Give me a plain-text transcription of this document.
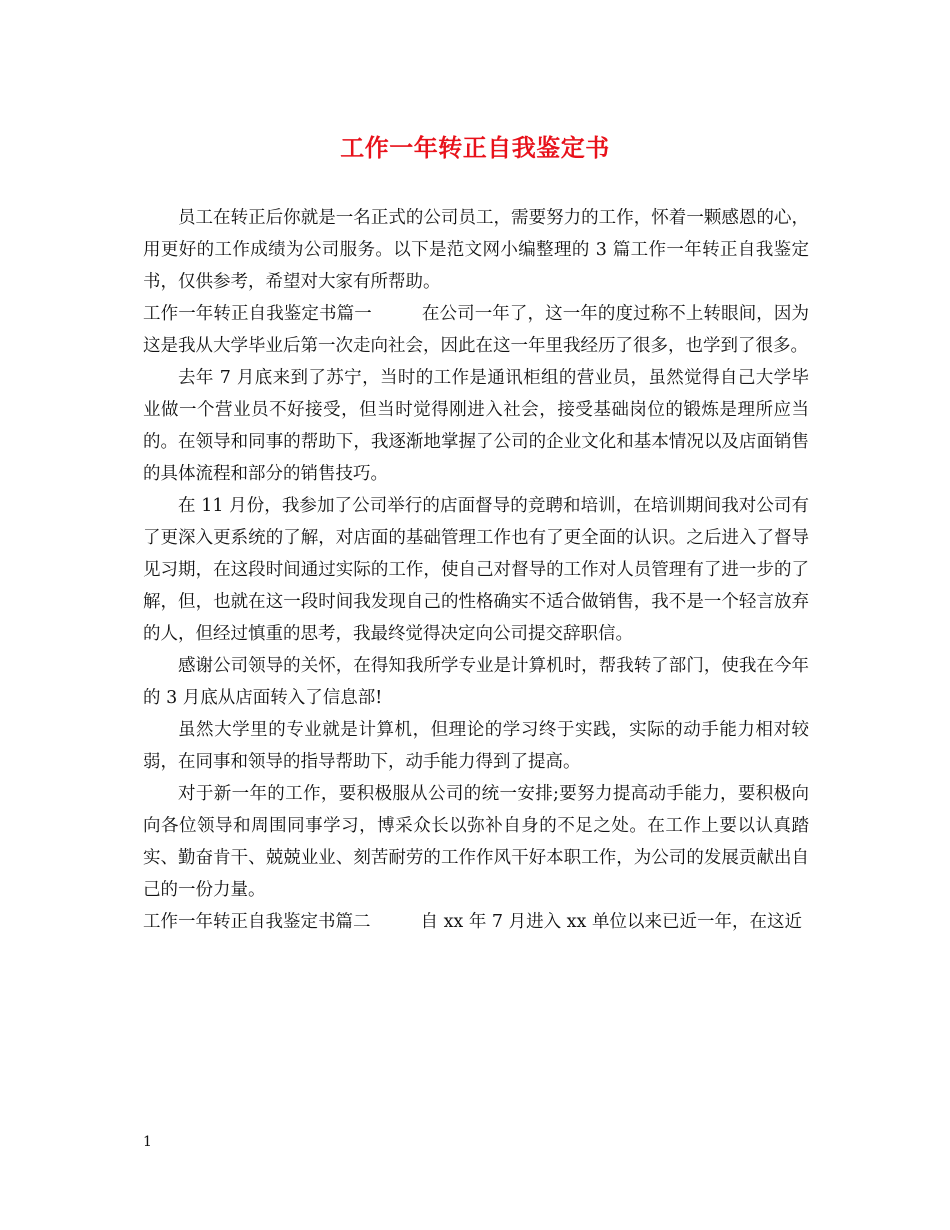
工作一年转正自我鉴定书

员工在转正后你就是一名正式的公司员工，需要努力的工作，怀着一颗感恩的心，用更好的工作成绩为公司服务。以下是范文网小编整理的 3 篇工作一年转正自我鉴定书，仅供参考，希望对大家有所帮助。

工作一年转正自我鉴定书篇一	在公司一年了，这一年的度过称不上转眼间，因为这是我从大学毕业后第一次走向社会，因此在这一年里我经历了很多，也学到了很多。

去年 7 月底来到了苏宁，当时的工作是通讯柜组的营业员，虽然觉得自己大学毕业做一个营业员不好接受，但当时觉得刚进入社会，接受基础岗位的锻炼是理所应当的。在领导和同事的帮助下，我逐渐地掌握了公司的企业文化和基本情况以及店面销售的具体流程和部分的销售技巧。

在 11 月份，我参加了公司举行的店面督导的竞聘和培训，在培训期间我对公司有了更深入更系统的了解，对店面的基础管理工作也有了更全面的认识。之后进入了督导见习期，在这段时间通过实际的工作，使自己对督导的工作对人员管理有了进一步的了解，但，也就在这一段时间我发现自己的性格确实不适合做销售，我不是一个轻言放弃的人，但经过慎重的思考，我最终觉得决定向公司提交辞职信。

感谢公司领导的关怀，在得知我所学专业是计算机时，帮我转了部门，使我在今年的 3 月底从店面转入了信息部!

虽然大学里的专业就是计算机，但理论的学习终于实践，实际的动手能力相对较弱，在同事和领导的指导帮助下，动手能力得到了提高。

对于新一年的工作，要积极服从公司的统一安排;要努力提高动手能力，要积极向向各位领导和周围同事学习，博采众长以弥补自身的不足之处。在工作上要以认真踏实、勤奋肯干、兢兢业业、刻苦耐劳的工作作风干好本职工作，为公司的发展贡献出自己的一份力量。

工作一年转正自我鉴定书篇二	自 xx 年 7 月进入 xx 单位以来已近一年，在这近

1
